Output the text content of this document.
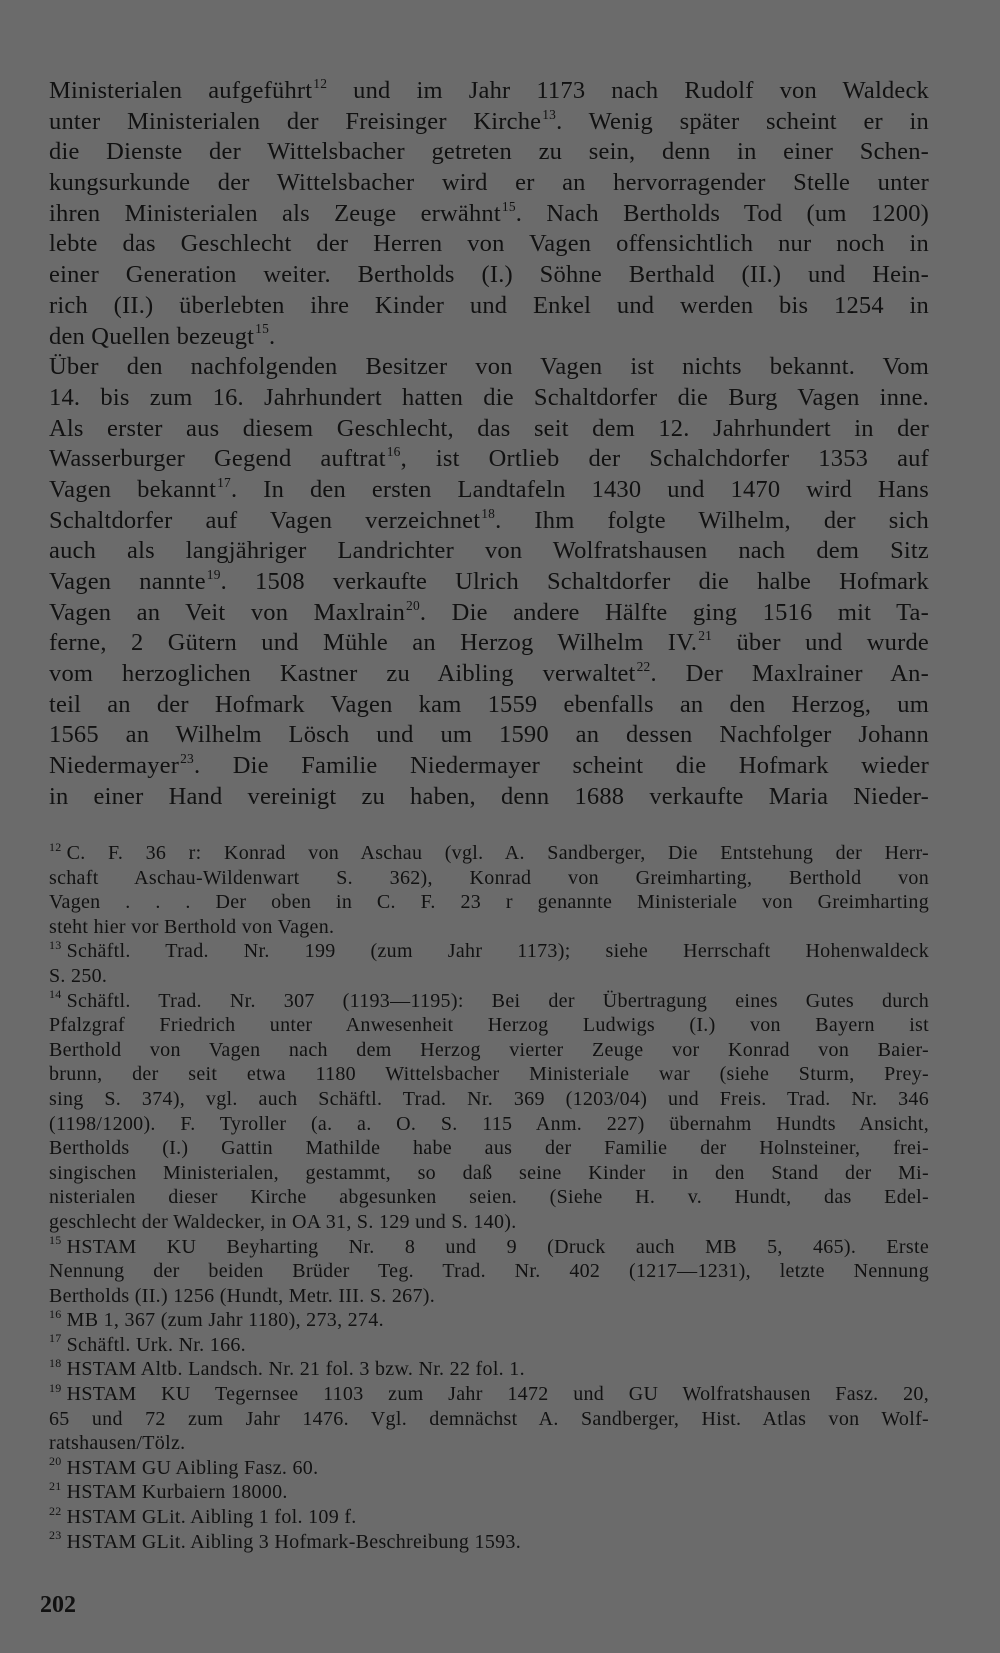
Ministerialen aufgeführt$^{12}$ und im Jahr 1173 nach Rudolf von Waldeck
unter Ministerialen der Freisinger Kirche$^{13}$. Wenig später scheint er in
die Dienste der Wittelsbacher getreten zu sein, denn in einer Schen-
kungsurkunde der Wittelsbacher wird er an hervorragender Stelle unter
ihren Ministerialen als Zeuge erwähnt$^{15}$. Nach Bertholds Tod (um 1200)
lebte das Geschlecht der Herren von Vagen offensichtlich nur noch in
einer Generation weiter. Bertholds (I.) Söhne Berthald (II.) und Hein-
rich (II.) überlebten ihre Kinder und Enkel und werden bis 1254 in
den Quellen bezeugt$^{15}$.
Über den nachfolgenden Besitzer von Vagen ist nichts bekannt. Vom
14. bis zum 16. Jahrhundert hatten die Schaltdorfer die Burg Vagen inne.
Als erster aus diesem Geschlecht, das seit dem 12. Jahrhundert in der
Wasserburger Gegend auftrat$^{16}$, ist Ortlieb der Schalchdorfer 1353 auf
Vagen bekannt$^{17}$. In den ersten Landtafeln 1430 und 1470 wird Hans
Schaltdorfer auf Vagen verzeichnet$^{18}$. Ihm folgte Wilhelm, der sich
auch als langjähriger Landrichter von Wolfratshausen nach dem Sitz
Vagen nannte$^{19}$. 1508 verkaufte Ulrich Schaltdorfer die halbe Hofmark
Vagen an Veit von Maxlrain$^{20}$. Die andere Hälfte ging 1516 mit Ta-
ferne, 2 Gütern und Mühle an Herzog Wilhelm IV.$^{21}$ über und wurde
vom herzoglichen Kastner zu Aibling verwaltet$^{22}$. Der Maxlrainer An-
teil an der Hofmark Vagen kam 1559 ebenfalls an den Herzog, um
1565 an Wilhelm Lösch und um 1590 an dessen Nachfolger Johann
Niedermayer$^{23}$. Die Familie Niedermayer scheint die Hofmark wieder
in einer Hand vereinigt zu haben, denn 1688 verkaufte Maria Nieder-
$^{12}$ C. F. 36 r: Konrad von Aschau (vgl. A. Sandberger, Die Entstehung der Herr-
schaft Aschau-Wildenwart S. 362), Konrad von Greimharting, Berthold von
Vagen . . . Der oben in C. F. 23 r genannte Ministeriale von Greimharting
steht hier vor Berthold von Vagen.
$^{13}$ Schäftl. Trad. Nr. 199 (zum Jahr 1173); siehe Herrschaft Hohenwaldeck
S. 250.
$^{14}$ Schäftl. Trad. Nr. 307 (1193—1195): Bei der Übertragung eines Gutes durch
Pfalzgraf Friedrich unter Anwesenheit Herzog Ludwigs (I.) von Bayern ist
Berthold von Vagen nach dem Herzog vierter Zeuge vor Konrad von Baier-
brunn, der seit etwa 1180 Wittelsbacher Ministeriale war (siehe Sturm, Prey-
sing S. 374), vgl. auch Schäftl. Trad. Nr. 369 (1203/04) und Freis. Trad. Nr. 346
(1198/1200). F. Tyroller (a. a. O. S. 115 Anm. 227) übernahm Hundts Ansicht,
Bertholds (I.) Gattin Mathilde habe aus der Familie der Holnsteiner, frei-
singischen Ministerialen, gestammt, so daß seine Kinder in den Stand der Mi-
nisterialen dieser Kirche abgesunken seien. (Siehe H. v. Hundt, das Edel-
geschlecht der Waldecker, in OA 31, S. 129 und S. 140).
$^{15}$ HSTAM KU Beyharting Nr. 8 und 9 (Druck auch MB 5, 465). Erste
Nennung der beiden Brüder Teg. Trad. Nr. 402 (1217—1231), letzte Nennung
Bertholds (II.) 1256 (Hundt, Metr. III. S. 267).
$^{16}$ MB 1, 367 (zum Jahr 1180), 273, 274.
$^{17}$ Schäftl. Urk. Nr. 166.
$^{18}$ HSTAM Altb. Landsch. Nr. 21 fol. 3 bzw. Nr. 22 fol. 1.
$^{19}$ HSTAM KU Tegernsee 1103 zum Jahr 1472 und GU Wolfratshausen Fasz. 20,
65 und 72 zum Jahr 1476. Vgl. demnächst A. Sandberger, Hist. Atlas von Wolf-
ratshausen/Tölz.
$^{20}$ HSTAM GU Aibling Fasz. 60.
$^{21}$ HSTAM Kurbaiern 18000.
$^{22}$ HSTAM GLit. Aibling 1 fol. 109 f.
$^{23}$ HSTAM GLit. Aibling 3 Hofmark-Beschreibung 1593.
202
